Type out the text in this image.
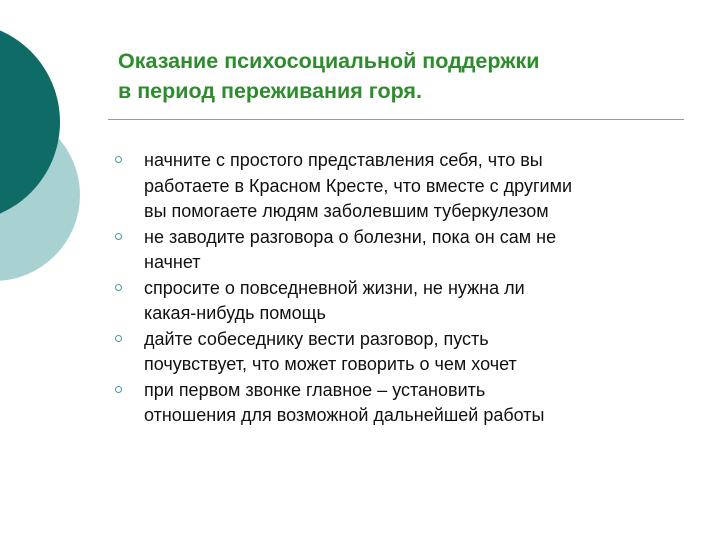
Оказание психосоциальной поддержки
в период переживания горя.
начните с простого представления себя, что вы
работаете в Красном Кресте, что вместе с другими
вы помогаете людям заболевшим туберкулезом
не заводите разговора о болезни, пока он сам не
начнет
спросите о повседневной жизни, не нужна ли
какая-нибудь помощь
дайте собеседнику вести разговор, пусть
почувствует, что может говорить о чем хочет
при первом звонке главное – установить
отношения для возможной дальнейшей работы
